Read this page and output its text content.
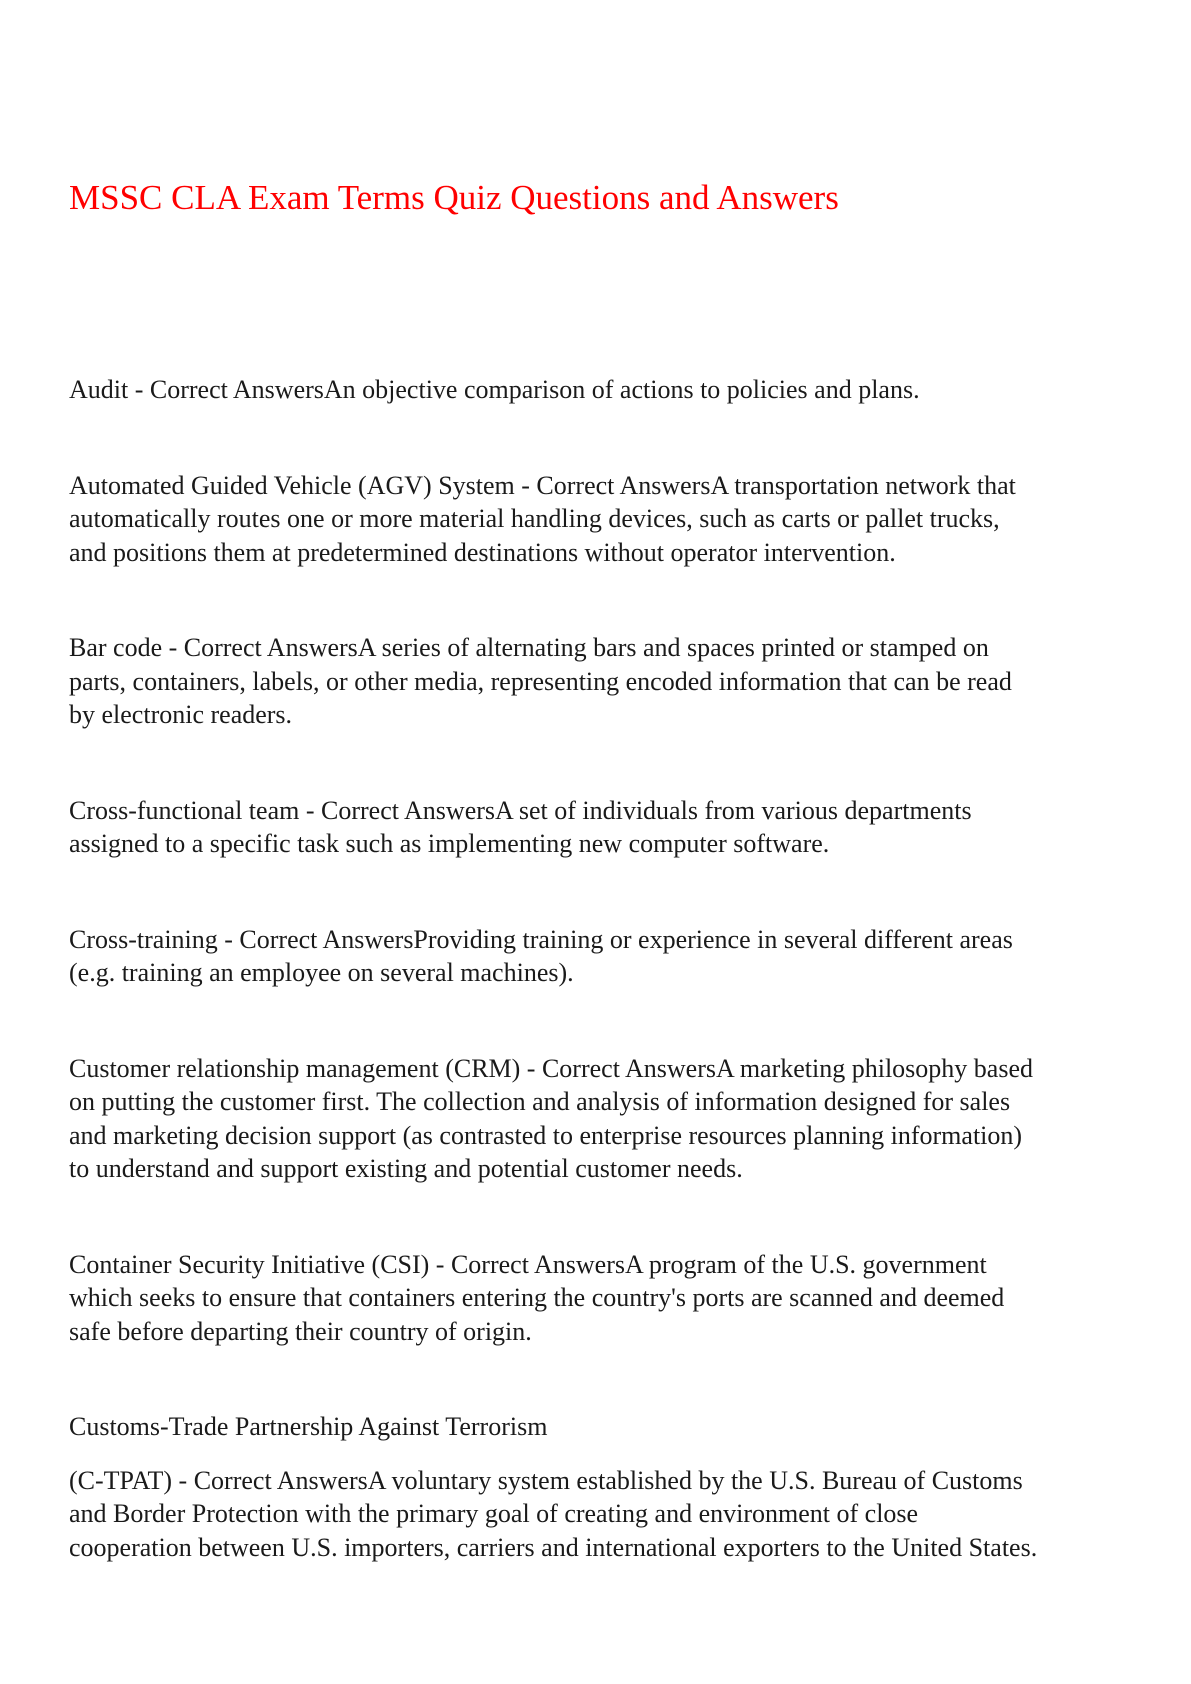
MSSC CLA Exam Terms Quiz Questions and Answers

Audit - Correct AnswersAn objective comparison of actions to policies and plans.

Automated Guided Vehicle (AGV) System - Correct AnswersA transportation network that
automatically routes one or more material handling devices, such as carts or pallet trucks,
and positions them at predetermined destinations without operator intervention.

Bar code - Correct AnswersA series of alternating bars and spaces printed or stamped on
parts, containers, labels, or other media, representing encoded information that can be read
by electronic readers.

Cross-functional team - Correct AnswersA set of individuals from various departments
assigned to a specific task such as implementing new computer software.

Cross-training - Correct AnswersProviding training or experience in several different areas
(e.g. training an employee on several machines).

Customer relationship management (CRM) - Correct AnswersA marketing philosophy based
on putting the customer first. The collection and analysis of information designed for sales
and marketing decision support (as contrasted to enterprise resources planning information)
to understand and support existing and potential customer needs.

Container Security Initiative (CSI) - Correct AnswersA program of the U.S. government
which seeks to ensure that containers entering the country's ports are scanned and deemed
safe before departing their country of origin.

Customs-Trade Partnership Against Terrorism

(C-TPAT) - Correct AnswersA voluntary system established by the U.S. Bureau of Customs
and Border Protection with the primary goal of creating and environment of close
cooperation between U.S. importers, carriers and international exporters to the United States.
